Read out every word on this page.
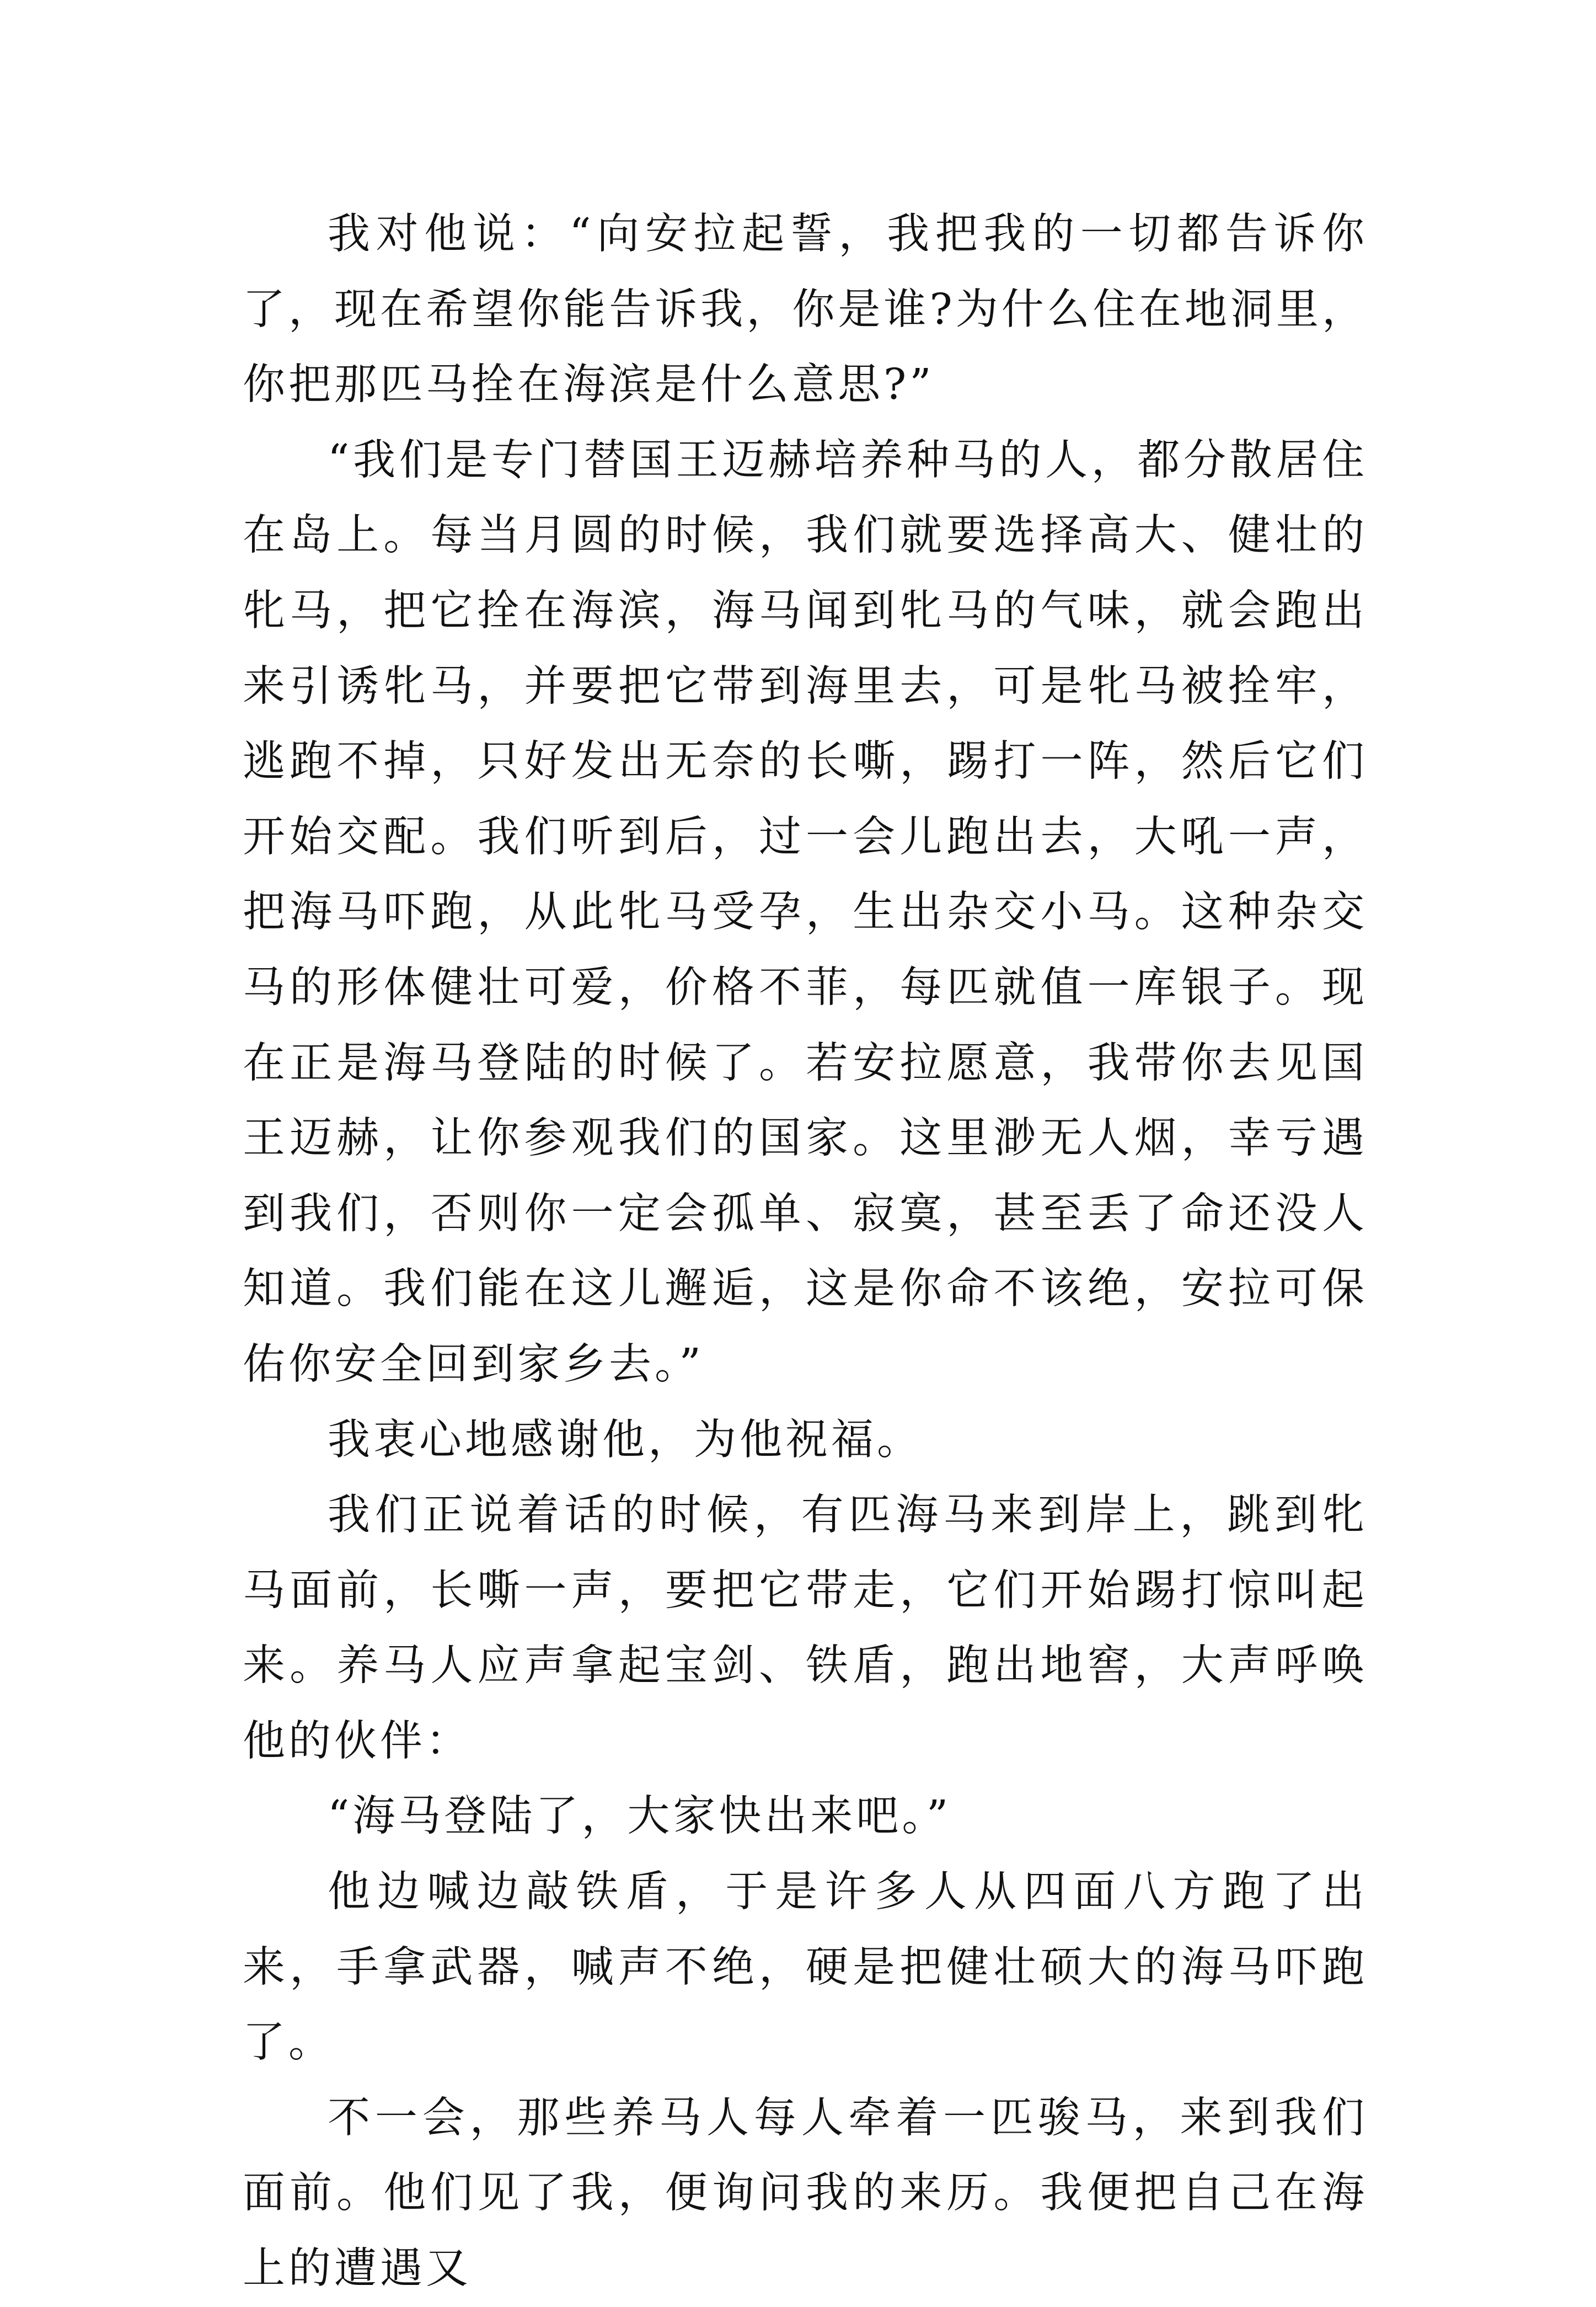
我对他说：“向安拉起誓，我把我的一切都告诉你了，现在希望你能告诉我，你是谁?为什么住在地洞里，你把那匹马拴在海滨是什么意思?”

“我们是专门替国王迈赫培养种马的人，都分散居住在岛上。每当月圆的时候，我们就要选择高大、健壮的牝马，把它拴在海滨，海马闻到牝马的气味，就会跑出来引诱牝马，并要把它带到海里去，可是牝马被拴牢，逃跑不掉，只好发出无奈的长嘶，踢打一阵，然后它们开始交配。我们听到后，过一会儿跑出去，大吼一声，把海马吓跑，从此牝马受孕，生出杂交小马。这种杂交马的形体健壮可爱，价格不菲，每匹就值一库银子。现在正是海马登陆的时候了。若安拉愿意，我带你去见国王迈赫，让你参观我们的国家。这里渺无人烟，幸亏遇到我们，否则你一定会孤单、寂寞，甚至丢了命还没人知道。我们能在这儿邂逅，这是你命不该绝，安拉可保佑你安全回到家乡去。”

我衷心地感谢他，为他祝福。

我们正说着话的时候，有匹海马来到岸上，跳到牝马面前，长嘶一声，要把它带走，它们开始踢打惊叫起来。养马人应声拿起宝剑、铁盾，跑出地窖，大声呼唤他的伙伴：

“海马登陆了，大家快出来吧。”

他边喊边敲铁盾，于是许多人从四面八方跑了出来，手拿武器，喊声不绝，硬是把健壮硕大的海马吓跑了。

不一会，那些养马人每人牵着一匹骏马，来到我们面前。他们见了我，便询问我的来历。我便把自己在海上的遭遇又
